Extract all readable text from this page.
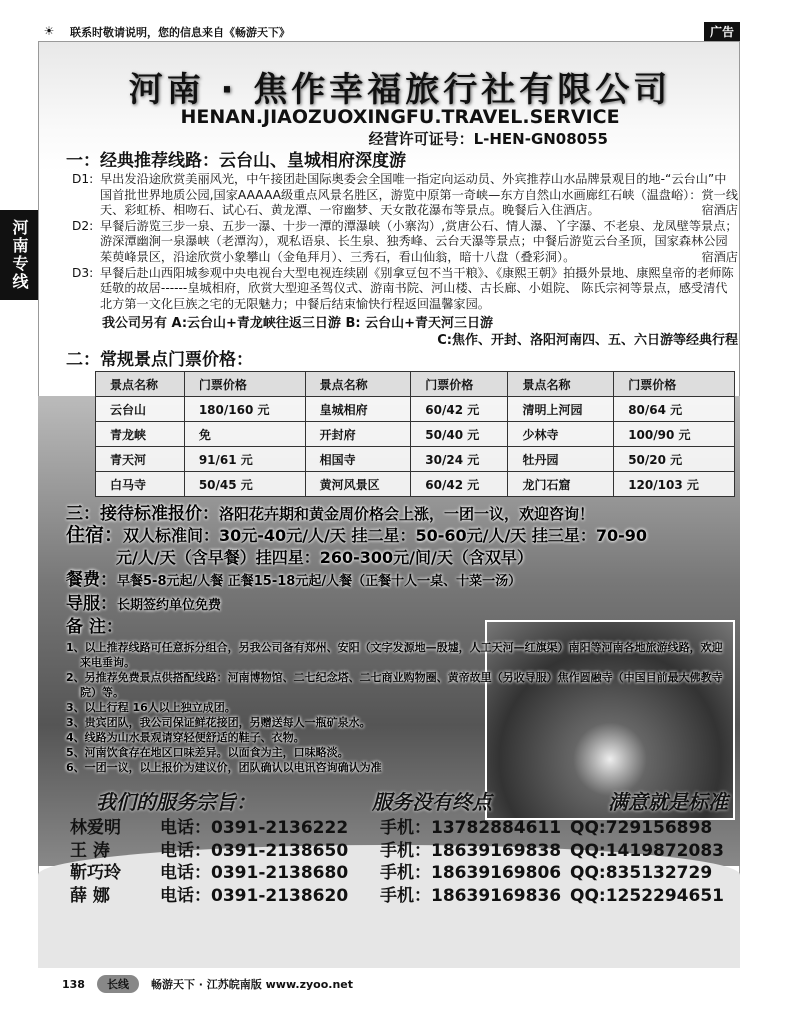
☀	联系时敬请说明，您的信息来自《畅游天下》	广告
河南专线
河南 · 焦作幸福旅行社有限公司
HENAN.JIAOZUOXINGFU.TRAVEL.SERVICE
经营许可证号：L-HEN-GN08055
一：经典推荐线路：云台山、皇城相府深度游
D1: 早出发沿途欣赏美丽风光，中午接团赴国际奥委会全国唯一指定向运动员、外宾推荐山水品牌景观目的地-“云台山”中国首批世界地质公园,国家AAAAA级重点风景名胜区，游览中原第一奇峡—东方自然山水画廊红石峡（温盘峪）：赏一线天、彩虹桥、相吻石、试心石、黄龙潭、一帘幽梦、天女散花瀑布等景点。晚餐后入住酒店。	宿酒店
D2: 早餐后游览三步一泉、五步一瀑、十步一潭的潭瀑峡（小寨沟）,赏唐公石、情人瀑、丫字瀑、不老泉、龙凤壁等景点；游深潭幽涧一泉瀑峡（老潭沟），观私语泉、长生泉、独秀峰、云台天瀑等景点；中餐后游览云台圣顶，国家森林公园茱萸峰景区，沿途欣赏小象攀山（金龟拜月）、三秀石，看山仙翁，暗十八盘（叠彩洞）。	宿酒店
D3: 早餐后赴山西阳城参观中央电视台大型电视连续剧《别拿豆包不当干粮》、《康熙王朝》拍摄外景地、康熙皇帝的老师陈廷敬的故居------皇城相府，欣赏大型迎圣驾仪式、游南书院、河山楼、古长廊、小姐院、 陈氏宗祠等景点，感受清代北方第一文化巨族之宅的无限魅力；中餐后结束愉快行程返回温馨家园。
我公司另有 A:云台山+青龙峡往返三日游 B: 云台山+青天河三日游
C:焦作、开封、洛阳河南四、五、六日游等经典行程
二：常规景点门票价格：
景点名称	门票价格	景点名称	门票价格	景点名称	门票价格
云台山	180/160 元	皇城相府	60/42 元	清明上河园	80/64 元
青龙峡	免	开封府	50/40 元	少林寺	100/90 元
青天河	91/61 元	相国寺	30/24 元	牡丹园	50/20 元
白马寺	50/45 元	黄河风景区	60/42 元	龙门石窟	120/103 元
三：接待标准报价：洛阳花卉期和黄金周价格会上涨，一团一议，欢迎咨询！
住宿：双人标准间：30元-40元/人/天 挂二星：50-60元/人/天 挂三星：70-90
元/人/天（含早餐）挂四星：260-300元/间/天（含双早）
餐费：早餐5-8元起/人餐 正餐15-18元起/人餐（正餐十人一桌、十菜一汤）
导服：长期签约单位免费
备 注：
1、以上推荐线路可任意拆分组合，另我公司备有郑州、安阳（文字发源地—殷墟，人工天河—红旗渠）南阳等河南各地旅游线路，欢迎来电垂询。
2、另推荐免费景点供搭配线路：河南博物馆、二七纪念塔、二七商业购物圈、黄帝故里（另收导服）焦作圆融寺（中国目前最大佛教寺院）等。
3、以上行程 16人以上独立成团。
3、贵宾团队，我公司保证鲜花接团，另赠送每人一瓶矿泉水。
4、线路为山水景观请穿轻便舒适的鞋子、衣物。
5、河南饮食存在地区口味差异。以面食为主，口味略淡。
6、一团一议，以上报价为建议价，团队确认以电讯咨询确认为准
我们的服务宗旨：	服务没有终点	满意就是标准
林爱明	电话：0391-2136222	手机：13782884611 QQ:729156898
王 涛	电话：0391-2138650	手机：18639169838 QQ:1419872083
靳巧玲	电话：0391-2138680	手机：18639169806 QQ:835132729
薛 娜	电话：0391-2138620	手机：18639169836 QQ:1252294651
138	长线	畅游天下 · 江苏皖南版 www.zyoo.net
